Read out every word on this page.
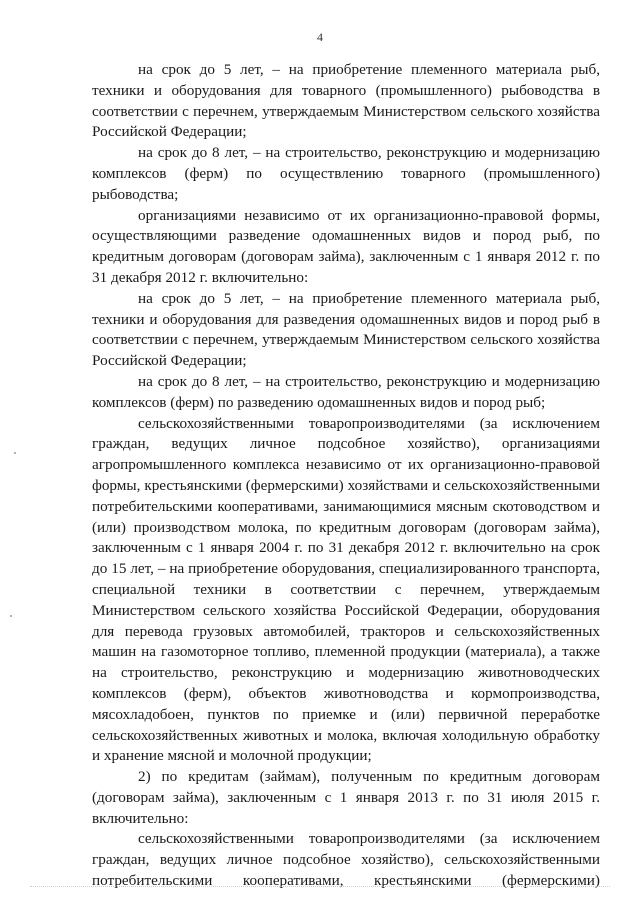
4

на срок до 5 лет, – на приобретение племенного материала рыб, техники и оборудования для товарного (промышленного) рыбоводства в соответствии с перечнем, утверждаемым Министерством сельского хозяйства Российской Федерации;

на срок до 8 лет, – на строительство, реконструкцию и модернизацию комплексов (ферм) по осуществлению товарного (промышленного) рыбоводства;

организациями независимо от их организационно-правовой формы, осуществляющими разведение одомашненных видов и пород рыб, по кредитным договорам (договорам займа), заключенным с 1 января 2012 г. по 31 декабря 2012 г. включительно:

на срок до 5 лет, – на приобретение племенного материала рыб, техники и оборудования для разведения одомашненных видов и пород рыб в соответствии с перечнем, утверждаемым Министерством сельского хозяйства Российской Федерации;

на срок до 8 лет, – на строительство, реконструкцию и модернизацию комплексов (ферм) по разведению одомашненных видов и пород рыб;

сельскохозяйственными товаропроизводителями (за исключением граждан, ведущих личное подсобное хозяйство), организациями агропромышленного комплекса независимо от их организационно-правовой формы, крестьянскими (фермерскими) хозяйствами и сельскохозяйственными потребительскими кооперативами, занимающимися мясным скотоводством и (или) производством молока, по кредитным договорам (договорам займа), заключенным с 1 января 2004 г. по 31 декабря 2012 г. включительно на срок до 15 лет, – на приобретение оборудования, специализированного транспорта, специальной техники в соответствии с перечнем, утверждаемым Министерством сельского хозяйства Российской Федерации, оборудования для перевода грузовых автомобилей, тракторов и сельскохозяйственных машин на газомоторное топливо, племенной продукции (материала), а также на строительство, реконструкцию и модернизацию животноводческих комплексов (ферм), объектов животноводства и кормопроизводства, мясохладобоен, пунктов по приемке и (или) первичной переработке сельскохозяйственных животных и молока, включая холодильную обработку и хранение мясной и молочной продукции;

2) по кредитам (займам), полученным по кредитным договорам (договорам займа), заключенным с 1 января 2013 г. по 31 июля 2015 г. включительно:

сельскохозяйственными товаропроизводителями (за исключением граждан, ведущих личное подсобное хозяйство), сельскохозяйственными потребительскими кооперативами, крестьянскими (фермерскими)
